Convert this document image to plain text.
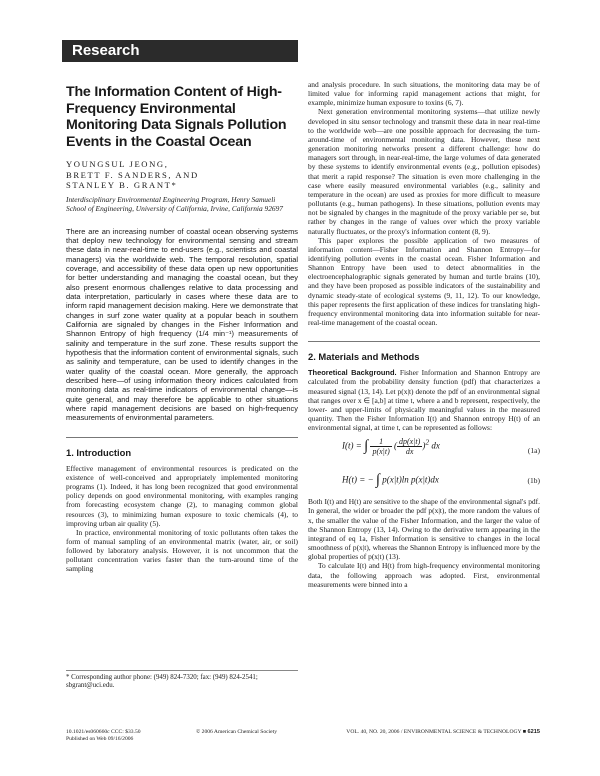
Research
The Information Content of High-Frequency Environmental Monitoring Data Signals Pollution Events in the Coastal Ocean
YOUNGSUL JEONG,
BRETT F. SANDERS, AND
STANLEY B. GRANT*
Interdisciplinary Environmental Engineering Program, Henry Samueli School of Engineering, University of California, Irvine, California 92697
There are an increasing number of coastal ocean observing systems that deploy new technology for environmental sensing and stream these data in near-real-time to end-users (e.g., scientists and coastal managers) via the worldwide web. The temporal resolution, spatial coverage, and accessibility of these data open up new opportunities for better understanding and managing the coastal ocean, but they also present enormous challenges relative to data processing and data interpretation, particularly in cases where these data are to inform rapid management decision making. Here we demonstrate that changes in surf zone water quality at a popular beach in southern California are signaled by changes in the Fisher Information and Shannon Entropy of high frequency (1/4 min⁻¹) measurements of salinity and temperature in the surf zone. These results support the hypothesis that the information content of environmental signals, such as salinity and temperature, can be used to identify changes in the water quality of the coastal ocean. More generally, the approach described here—of using information theory indices calculated from monitoring data as real-time indicators of environmental change—is quite general, and may therefore be applicable to other situations where rapid management decisions are based on high-frequency measurements of environmental parameters.
1. Introduction

Effective management of environmental resources is predicated on the existence of well-conceived and appropriately implemented monitoring programs (1). Indeed, it has long been recognized that good environmental policy depends on good environmental monitoring, with examples ranging from forecasting ecosystem change (2), to managing common global resources (3), to minimizing human exposure to toxic chemicals (4), to improving urban air quality (5).

In practice, environmental monitoring of toxic pollutants often takes the form of manual sampling of an environmental matrix (water, air, or soil) followed by laboratory analysis. However, it is not uncommon that the pollutant concentration varies faster than the turn-around time of the sampling

* Corresponding author phone: (949) 824-7320; fax: (949) 824-2541; sbgrant@uci.edu.
10.1021/es060660c CCC: $33.50
Published on Web 09/16/2006
© 2006 American Chemical Society	VOL. 40, NO. 20, 2006 / ENVIRONMENTAL SCIENCE & TECHNOLOGY ■ 6215

and analysis procedure. In such situations, the monitoring data may be of limited value for informing rapid management actions that might, for example, minimize human exposure to toxins (6, 7).

Next generation environmental monitoring systems—that utilize newly developed in situ sensor technology and transmit these data in near real-time to the worldwide web—are one possible approach for decreasing the turn-around-time of environmental monitoring data. However, these next generation monitoring networks present a different challenge: how do managers sort through, in near-real-time, the large volumes of data generated by these systems to identify environmental events (e.g., pollution episodes) that merit a rapid response? The situation is even more challenging in the case where easily measured environmental variables (e.g., salinity and temperature in the ocean) are used as proxies for more difficult to measure pollutants (e.g., human pathogens). In these situations, pollution events may not be signaled by changes in the magnitude of the proxy variable per se, but rather by changes in the range of values over which the proxy variable naturally fluctuates, or the proxy's information content (8, 9).

This paper explores the possible application of two measures of information content—Fisher Information and Shannon Entropy—for identifying pollution events in the coastal ocean. Fisher Information and Shannon Entropy have been used to detect abnormalities in the electroencephalographic signals generated by human and turtle brains (10), and they have been proposed as possible indicators of the sustainability and dynamic steady-state of ecological systems (9, 11, 12). To our knowledge, this paper represents the first application of these indices for translating high-frequency environmental monitoring data into information suitable for near-real-time management of the coastal ocean.

2. Materials and Methods

Theoretical Background. Fisher Information and Shannon Entropy are calculated from the probability density function (pdf) that characterizes a measured signal (13, 14). Let p(x|t) denote the pdf of an environmental signal that ranges over x ∈ [a,b] at time t, where a and b represent, respectively, the lower- and upper-limits of physically meaningful values in the measured quantity. Then the Fisher Information I(t) and Shannon entropy H(t) of an environmental signal, at time t, can be represented as follows:

I(t) = ∫ $\frac{1}{p(x|t)}$ ( $\frac{dp(x|t)}{dx} )^2$ dx	(1a)
H(t) = − ∫ p(x|t)ln p(x|t)dx	(1b)

Both I(t) and H(t) are sensitive to the shape of the environmental signal's pdf. In general, the wider or broader the pdf p(x|t), the more random the values of x, the smaller the value of the Fisher Information, and the larger the value of the Shannon Entropy (13, 14). Owing to the derivative term appearing in the integrand of eq 1a, Fisher Information is sensitive to changes in the local smoothness of p(x|t), whereas the Shannon Entropy is influenced more by the global properties of p(x|t) (13).

To calculate I(t) and H(t) from high-frequency environmental monitoring data, the following approach was adopted. First, environmental measurements were binned into a
